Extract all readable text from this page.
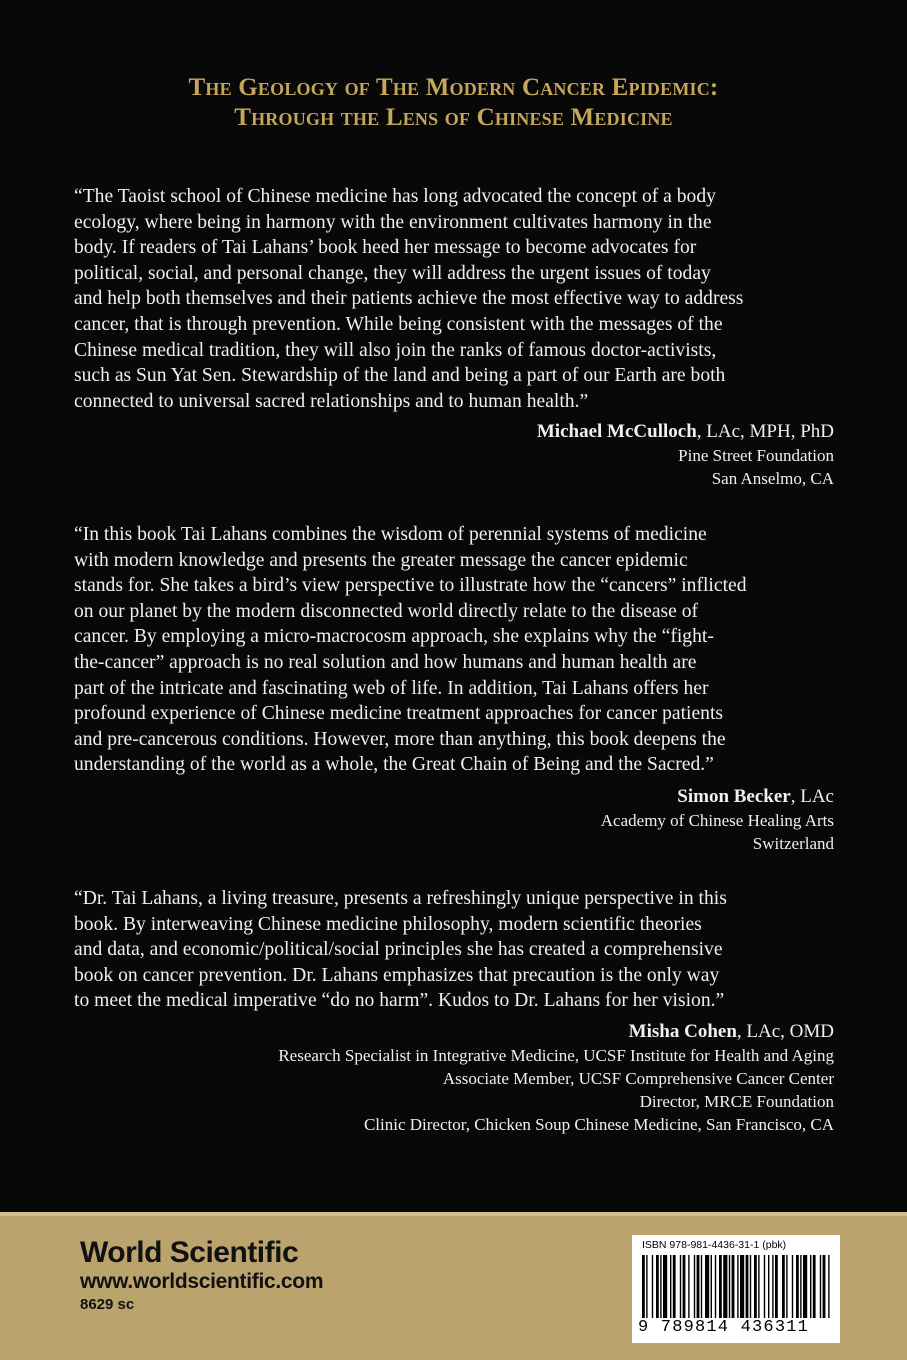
The Geology of The Modern Cancer Epidemic:
Through the Lens of Chinese Medicine
“The Taoist school of Chinese medicine has long advocated the concept of a body
ecology, where being in harmony with the environment cultivates harmony in the
body. If readers of Tai Lahans’ book heed her message to become advocates for
political, social, and personal change, they will address the urgent issues of today
and help both themselves and their patients achieve the most effective way to address
cancer, that is through prevention. While being consistent with the messages of the
Chinese medical tradition, they will also join the ranks of famous doctor-activists,
such as Sun Yat Sen. Stewardship of the land and being a part of our Earth are both
connected to universal sacred relationships and to human health.”
Michael McCulloch, LAc, MPH, PhD
Pine Street Foundation
San Anselmo, CA
“In this book Tai Lahans combines the wisdom of perennial systems of medicine
with modern knowledge and presents the greater message the cancer epidemic
stands for. She takes a bird’s view perspective to illustrate how the “cancers” inflicted
on our planet by the modern disconnected world directly relate to the disease of
cancer. By employing a micro-macrocosm approach, she explains why the “fight-
the-cancer” approach is no real solution and how humans and human health are
part of the intricate and fascinating web of life. In addition, Tai Lahans offers her
profound experience of Chinese medicine treatment approaches for cancer patients
and pre-cancerous conditions. However, more than anything, this book deepens the
understanding of the world as a whole, the Great Chain of Being and the Sacred.”
Simon Becker, LAc
Academy of Chinese Healing Arts
Switzerland
“Dr. Tai Lahans, a living treasure, presents a refreshingly unique perspective in this
book. By interweaving Chinese medicine philosophy, modern scientific theories
and data, and economic/political/social principles she has created a comprehensive
book on cancer prevention. Dr. Lahans emphasizes that precaution is the only way
to meet the medical imperative “do no harm”. Kudos to Dr. Lahans for her vision.”
Misha Cohen, LAc, OMD
Research Specialist in Integrative Medicine, UCSF Institute for Health and Aging
Associate Member, UCSF Comprehensive Cancer Center
Director, MRCE Foundation
Clinic Director, Chicken Soup Chinese Medicine, San Francisco, CA
World Scientific
www.worldscientific.com
8629 sc
ISBN 978-981-4436-31-1 (pbk)
9 789814 436311
